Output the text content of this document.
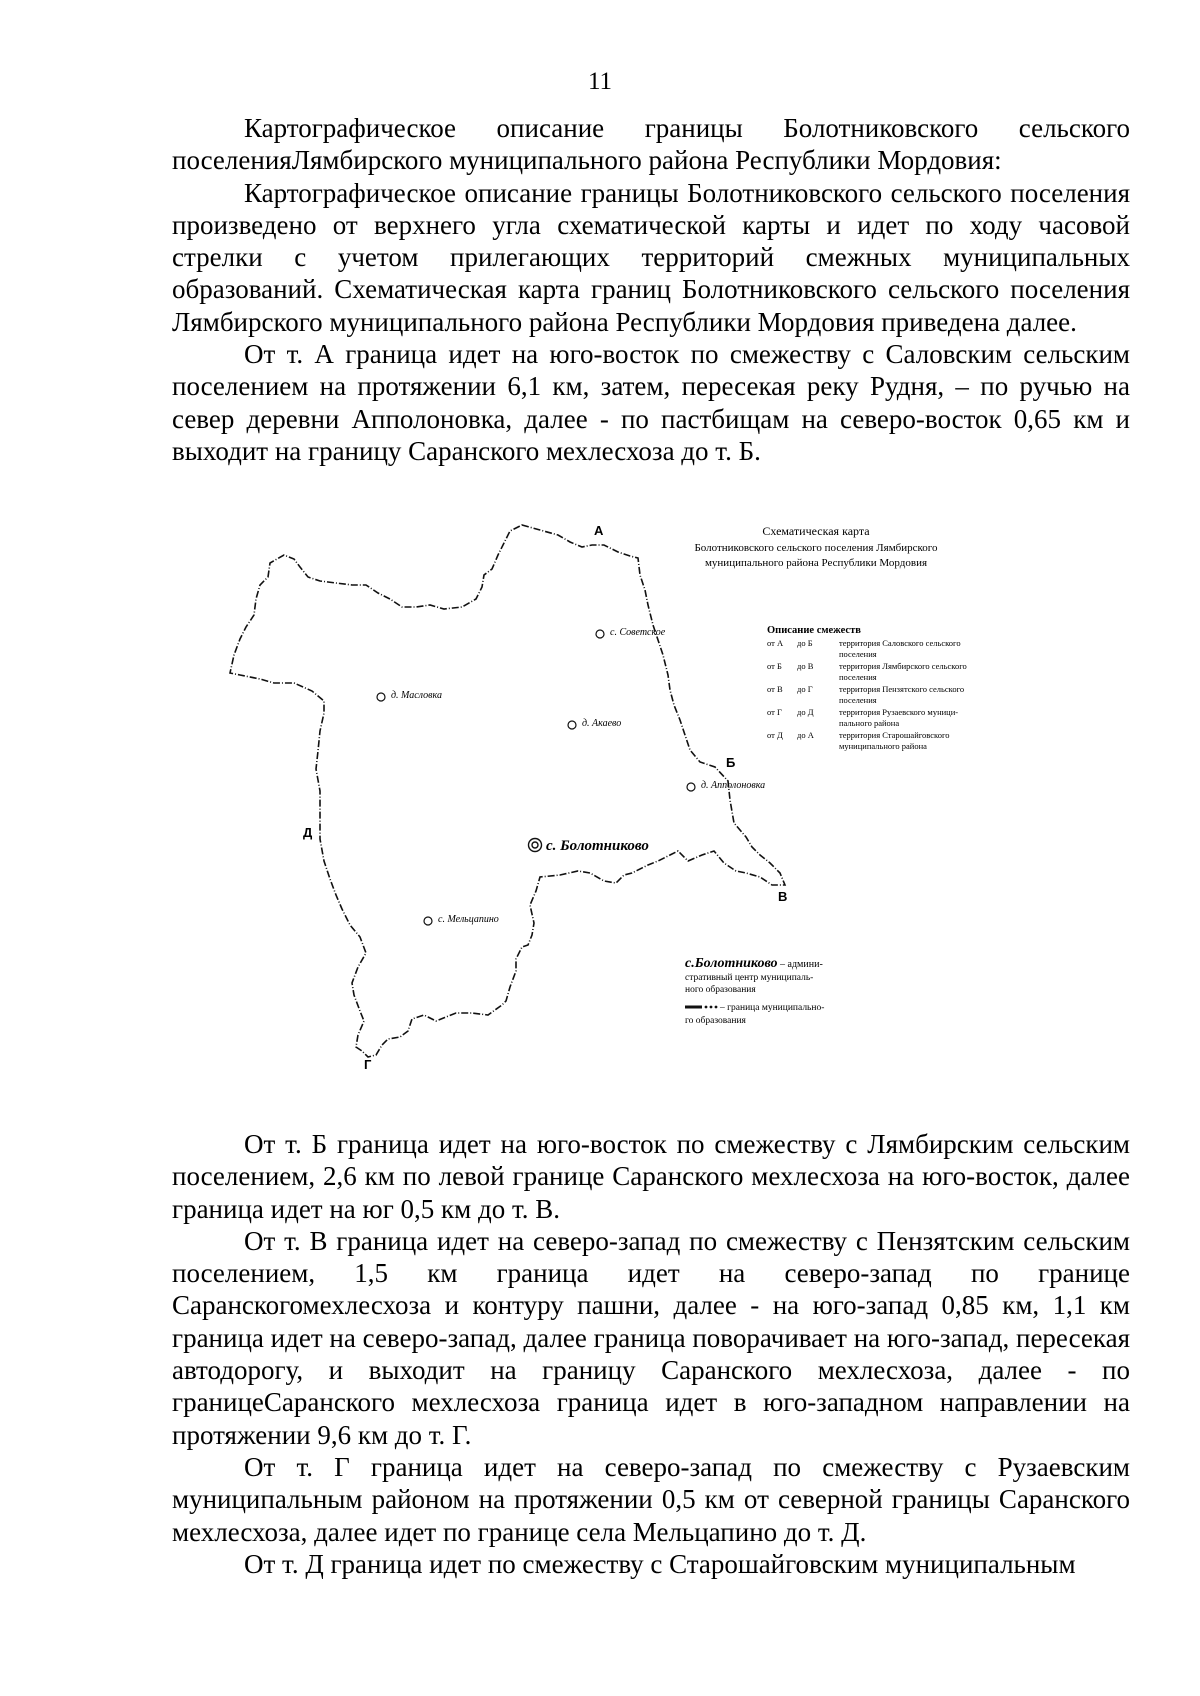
11

Картографическое описание границы Болотниковского сельского поселенияЛямбирского муниципального района Республики Мордовия:

Картографическое описание границы Болотниковского сельского поселения произведено от верхнего угла схематической карты и идет по ходу часовой стрелки с учетом прилегающих территорий смежных муниципальных образований. Схематическая карта границ Болотниковского сельского поселения Лямбирского муниципального района Республики Мордовия приведена далее.

От т. А граница идет на юго-восток по смежеству с Саловским сельским поселением на протяжении 6,1 км, затем, пересекая реку Рудня, – по ручью на север деревни Апполоновка, далее - по пастбищам на северо-восток 0,65 км и выходит на границу Саранского мехлесхоза до т. Б.

А
Б
В
Г
Д
с. Советское
д. Масловка
д. Акаево
д. Апполоновка
с. Болотниково
с. Мельцапино
Схематическая карта
Болотниковского сельского поселения Лямбирского
муниципального района Республики Мордовия
Описание смежеств
от А до Б	территория Саловского сельского
поселения
от Б до В	территория Лямбирского сельского
поселения
от В до Г	территория Пензятского сельского
поселения
от Г до Д	территория Рузаевского муници-
пального района
от Д до А	территория Старошайговского
муниципального района
с.Болотниково – админи-
стративный центр муниципаль-
ного образования
– граница муниципально-
го образования

От т. Б граница идет на юго-восток по смежеству с Лямбирским сельским поселением, 2,6 км по левой границе Саранского мехлесхоза на юго-восток, далее граница идет на юг 0,5 км до т. В.

От т. В граница идет на северо-запад по смежеству с Пензятским сельским поселением, 1,5 км граница идет на северо-запад по границе Саранскогомехлесхоза и контуру пашни, далее - на юго-запад 0,85 км, 1,1 км граница идет на северо-запад, далее граница поворачивает на юго-запад, пересекая автодорогу, и выходит на границу Саранского мехлесхоза, далее - по границеСаранского мехлесхоза граница идет в юго-западном направлении на протяжении 9,6 км до т. Г.

От т. Г граница идет на северо-запад по смежеству с Рузаевским муниципальным районом на протяжении 0,5 км от северной границы Саранского мехлесхоза, далее идет по границе села Мельцапино до т. Д.

От т. Д граница идет по смежеству с Старошайговским муниципальным
